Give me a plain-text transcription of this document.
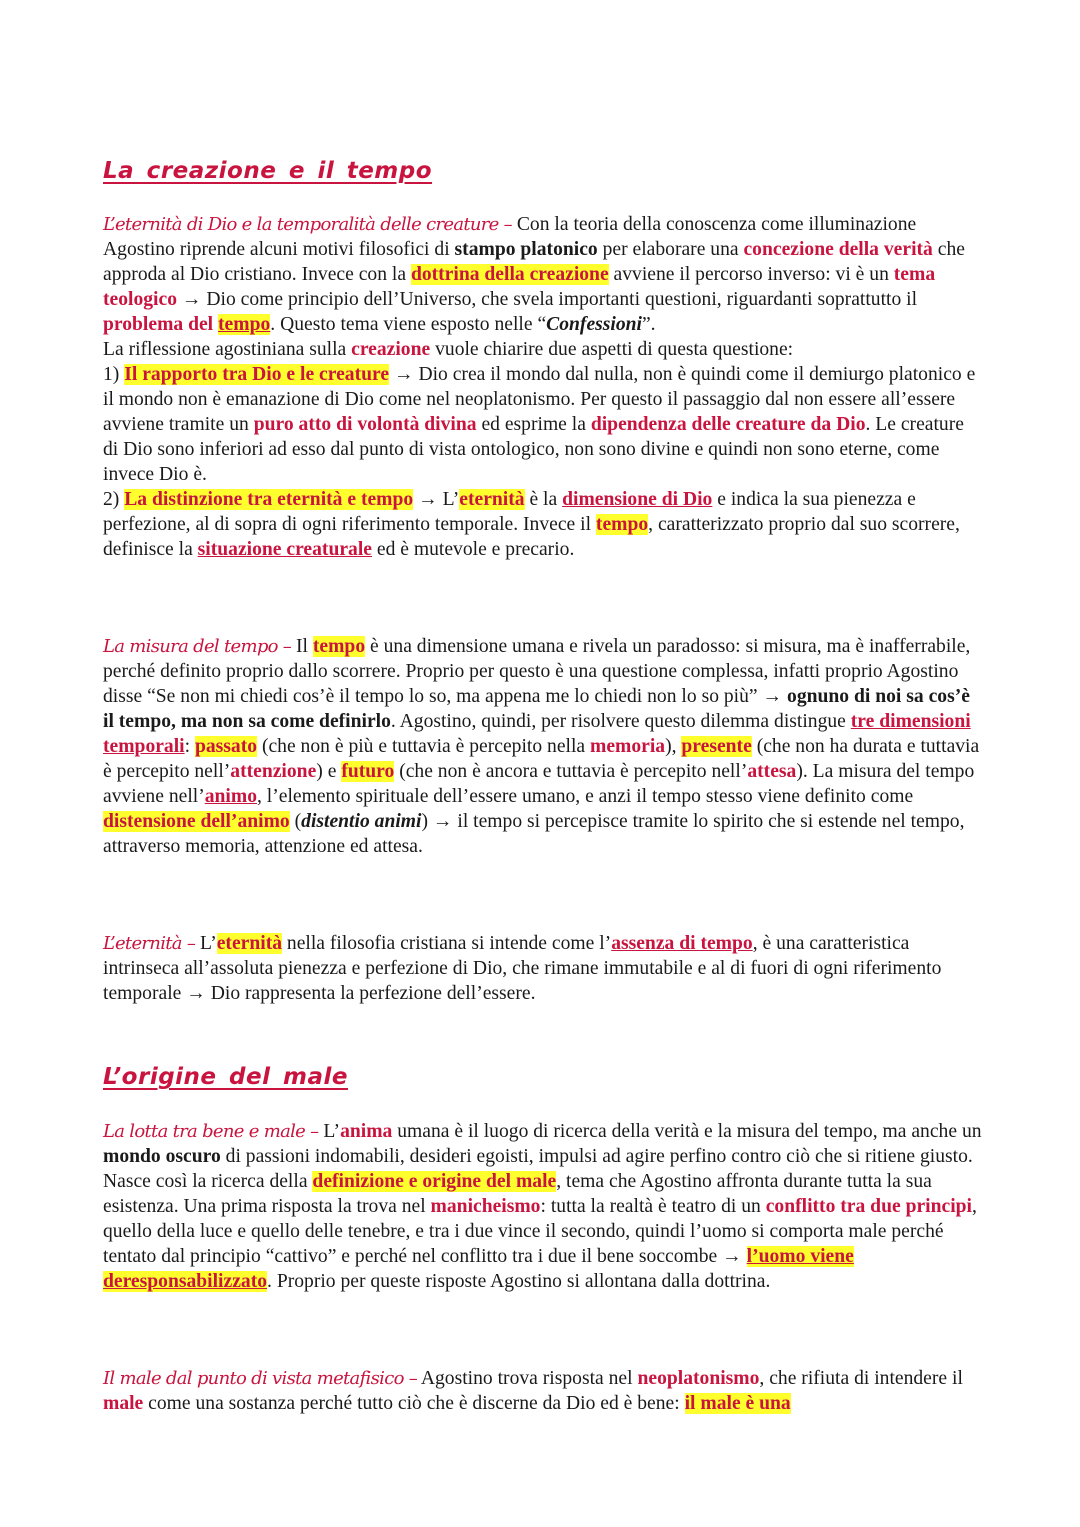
La creazione e il tempo

L’eternità di Dio e la temporalità delle creature – Con la teoria della conoscenza come illuminazione Agostino riprende alcuni motivi filosofici di stampo platonico per elaborare una concezione della verità che approda al Dio cristiano. Invece con la dottrina della creazione avviene il percorso inverso: vi è un tema teologico → Dio come principio dell’Universo, che svela importanti questioni, riguardanti soprattutto il problema del tempo. Questo tema viene esposto nelle “Confessioni”.
La riflessione agostiniana sulla creazione vuole chiarire due aspetti di questa questione:
1) Il rapporto tra Dio e le creature → Dio crea il mondo dal nulla, non è quindi come il demiurgo platonico e il mondo non è emanazione di Dio come nel neoplatonismo. Per questo il passaggio dal non essere all’essere avviene tramite un puro atto di volontà divina ed esprime la dipendenza delle creature da Dio. Le creature di Dio sono inferiori ad esso dal punto di vista ontologico, non sono divine e quindi non sono eterne, come invece Dio è.
2) La distinzione tra eternità e tempo → L’eternità è la dimensione di Dio e indica la sua pienezza e perfezione, al di sopra di ogni riferimento temporale. Invece il tempo, caratterizzato proprio dal suo scorrere, definisce la situazione creaturale ed è mutevole e precario.

La misura del tempo – Il tempo è una dimensione umana e rivela un paradosso: si misura, ma è inafferrabile, perché definito proprio dallo scorrere. Proprio per questo è una questione complessa, infatti proprio Agostino disse “Se non mi chiedi cos’è il tempo lo so, ma appena me lo chiedi non lo so più” → ognuno di noi sa cos’è il tempo, ma non sa come definirlo. Agostino, quindi, per risolvere questo dilemma distingue tre dimensioni temporali: passato (che non è più e tuttavia è percepito nella memoria), presente (che non ha durata e tuttavia è percepito nell’attenzione) e futuro (che non è ancora e tuttavia è percepito nell’attesa). La misura del tempo avviene nell’animo, l’elemento spirituale dell’essere umano, e anzi il tempo stesso viene definito come distensione dell’animo (distentio animi) → il tempo si percepisce tramite lo spirito che si estende nel tempo, attraverso memoria, attenzione ed attesa.

L’eternità – L’eternità nella filosofia cristiana si intende come l’assenza di tempo, è una caratteristica intrinseca all’assoluta pienezza e perfezione di Dio, che rimane immutabile e al di fuori di ogni riferimento temporale → Dio rappresenta la perfezione dell’essere.

L’origine del male

La lotta tra bene e male – L’anima umana è il luogo di ricerca della verità e la misura del tempo, ma anche un mondo oscuro di passioni indomabili, desideri egoisti, impulsi ad agire perfino contro ciò che si ritiene giusto. Nasce così la ricerca della definizione e origine del male, tema che Agostino affronta durante tutta la sua esistenza. Una prima risposta la trova nel manicheismo: tutta la realtà è teatro di un conflitto tra due principi, quello della luce e quello delle tenebre, e tra i due vince il secondo, quindi l’uomo si comporta male perché tentato dal principio “cattivo” e perché nel conflitto tra i due il bene soccombe → l’uomo viene deresponsabilizzato. Proprio per queste risposte Agostino si allontana dalla dottrina.

Il male dal punto di vista metafisico – Agostino trova risposta nel neoplatonismo, che rifiuta di intendere il male come una sostanza perché tutto ciò che è discerne da Dio ed è bene: il male è una
